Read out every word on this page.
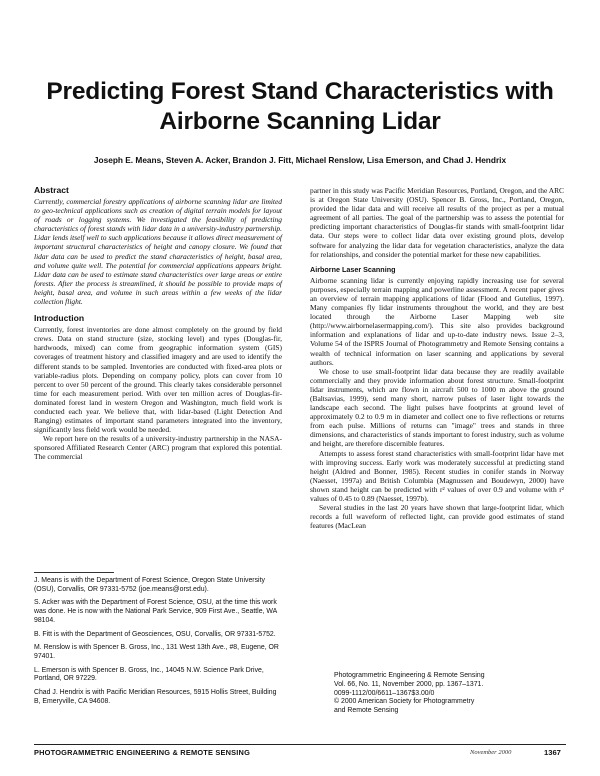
Predicting Forest Stand Characteristics with
Airborne Scanning Lidar
Joseph E. Means, Steven A. Acker, Brandon J. Fitt, Michael Renslow, Lisa Emerson, and Chad J. Hendrix
Abstract

Currently, commercial forestry applications of airborne scanning lidar are limited to geo-technical applications such as creation of digital terrain models for layout of roads or logging systems. We investigated the feasibility of predicting characteristics of forest stands with lidar data in a university-industry partnership. Lidar lends itself well to such applications because it allows direct measurement of important structural characteristics of height and canopy closure. We found that lidar data can be used to predict the stand characteristics of height, basal area, and volume quite well. The potential for commercial applications appears bright. Lidar data can be used to estimate stand characteristics over large areas or entire forests. After the process is streamlined, it should be possible to provide maps of height, basal area, and volume in such areas within a few weeks of the lidar collection flight.

Introduction

Currently, forest inventories are done almost completely on the ground by field crews. Data on stand structure (size, stocking level) and types (Douglas-fir, hardwoods, mixed) can come from geographic information system (GIS) coverages of treatment history and classified imagery and are used to identify the different stands to be sampled. Inventories are conducted with fixed-area plots or variable-radius plots. Depending on company policy, plots can cover from 10 percent to over 50 percent of the ground. This clearly takes considerable personnel time for each measurement period. With over ten million acres of Douglas-fir-dominated forest land in western Oregon and Washington, much field work is conducted each year. We believe that, with lidar-based (Light Detection And Ranging) estimates of important stand parameters integrated into the inventory, significantly less field work would be needed.

We report here on the results of a university-industry partnership in the NASA-sponsored Affiliated Research Center (ARC) program that explored this potential. The commercial

J. Means is with the Department of Forest Science, Oregon State University (OSU), Corvallis, OR 97331-5752 (joe.means@orst.edu).

S. Acker was with the Department of Forest Science, OSU, at the time this work was done. He is now with the National Park Service, 909 First Ave., Seattle, WA 98104.

B. Fitt is with the Department of Geosciences, OSU, Corvallis, OR 97331-5752.

M. Renslow is with Spencer B. Gross, Inc., 131 West 13th Ave., #8, Eugene, OR 97401.

L. Emerson is with Spencer B. Gross, Inc., 14045 N.W. Science Park Drive, Portland, OR 97229.

Chad J. Hendrix is with Pacific Meridian Resources, 5915 Hollis Street, Building B, Emeryville, CA 94608.

partner in this study was Pacific Meridian Resources, Portland, Oregon, and the ARC is at Oregon State University (OSU). Spencer B. Gross, Inc., Portland, Oregon, provided the lidar data and will receive all results of the project as per a mutual agreement of all parties. The goal of the partnership was to assess the potential for predicting important characteristics of Douglas-fir stands with small-footprint lidar data. Our steps were to collect lidar data over existing ground plots, develop software for analyzing the lidar data for vegetation characteristics, analyze the data for relationships, and consider the potential market for these new capabilities.

Airborne Laser Scanning

Airborne scanning lidar is currently enjoying rapidly increasing use for several purposes, especially terrain mapping and powerline assessment. A recent paper gives an overview of terrain mapping applications of lidar (Flood and Gutelius, 1997). Many companies fly lidar instruments throughout the world, and they are best located through the Airborne Laser Mapping web site (http://www.airbornelasermapping.com/). This site also provides background information and explanations of lidar and up-to-date industry news. Issue 2–3, Volume 54 of the ISPRS Journal of Photogrammetry and Remote Sensing contains a wealth of technical information on laser scanning and applications by several authors.

We chose to use small-footprint lidar data because they are readily available commercially and they provide information about forest structure. Small-footprint lidar instruments, which are flown in aircraft 500 to 1000 m above the ground (Baltsavias, 1999), send many short, narrow pulses of laser light towards the landscape each second. The light pulses have footprints at ground level of approximately 0.2 to 0.9 m in diameter and collect one to five reflections or returns from each pulse. Millions of returns can "image" trees and stands in three dimensions, and characteristics of stands important to forest industry, such as volume and height, are therefore discernible features.

Attempts to assess forest stand characteristics with small-footprint lidar have met with improving success. Early work was moderately successful at predicting stand height (Aldred and Bonner, 1985). Recent studies in conifer stands in Norway (Naesset, 1997a) and British Columbia (Magnussen and Boudewyn, 2000) have shown stand height can be predicted with r² values of over 0.9 and volume with r² values of 0.45 to 0.89 (Naesset, 1997b).

Several studies in the last 20 years have shown that large-footprint lidar, which records a full waveform of reflected light, can provide good estimates of stand features (MacLean

Photogrammetric Engineering & Remote Sensing

Vol. 66, No. 11, November 2000, pp. 1367–1371.

0099-1112/00/6611–1367$3.00/0

© 2000 American Society for Photogrammetry

and Remote Sensing

PHOTOGRAMMETRIC ENGINEERING & REMOTE SENSING	November 2000	1367
